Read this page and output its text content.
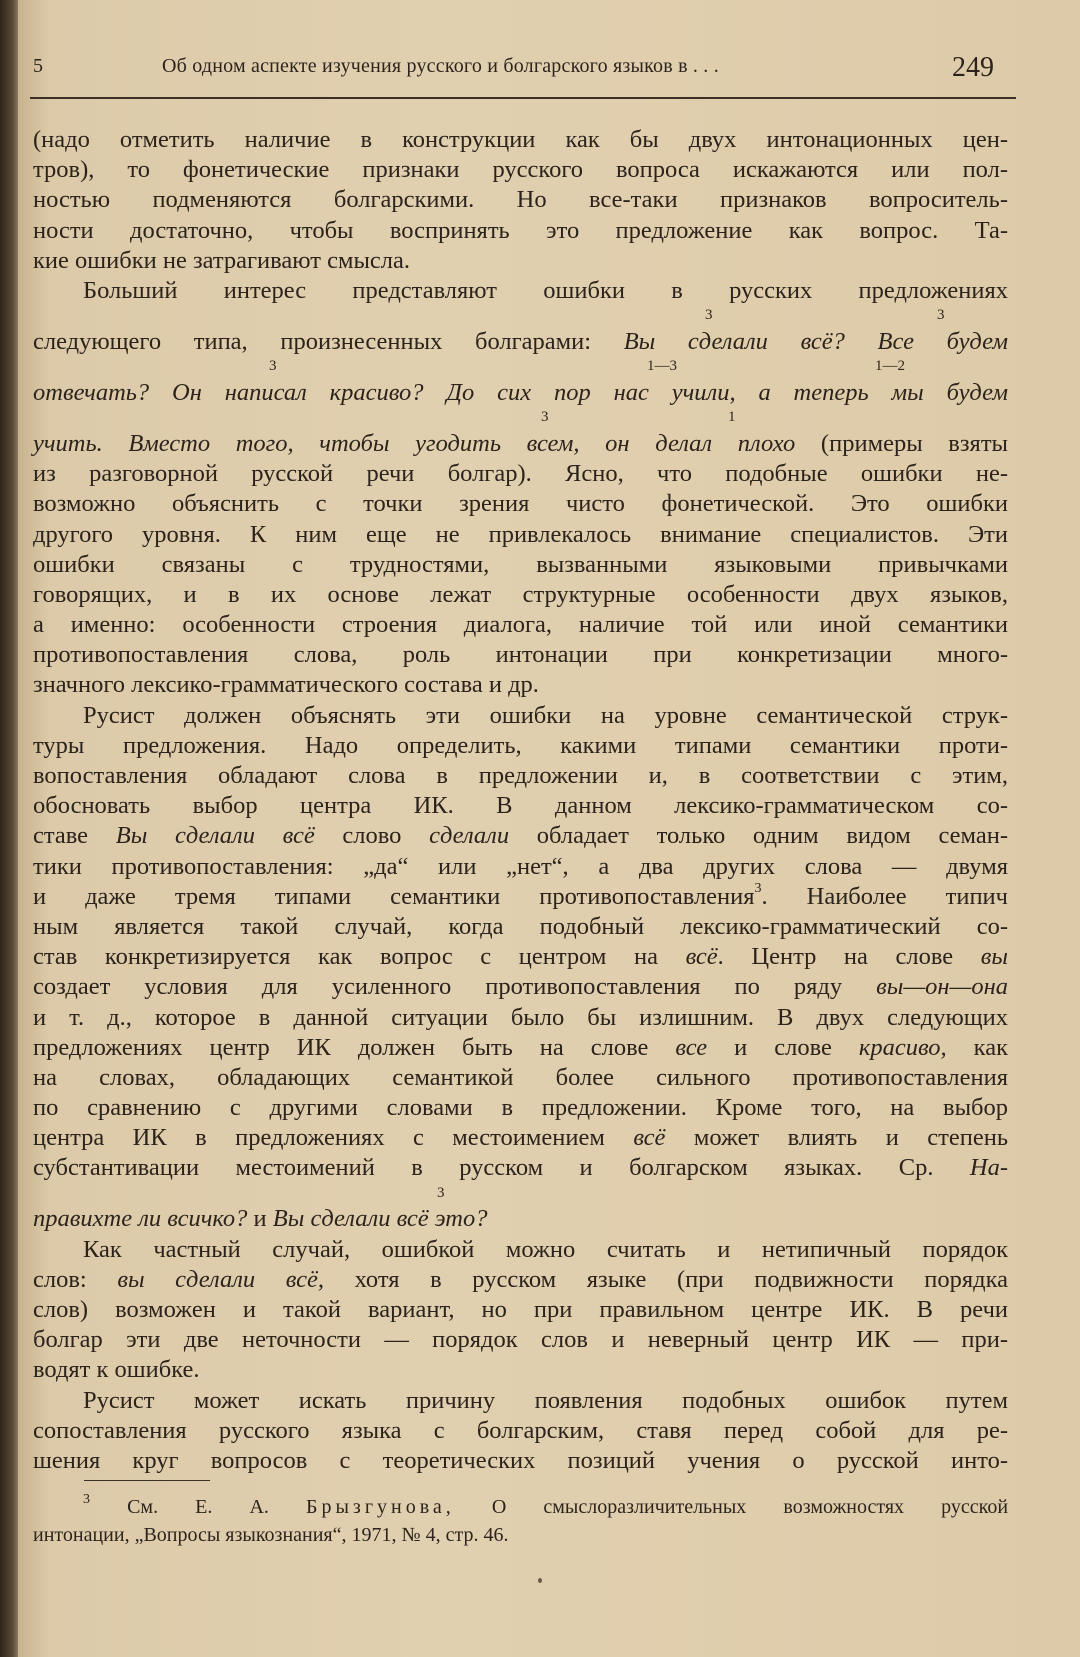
5	Об одном аспекте изучения русского и болгарского языков в . . .	249
(надо отметить наличие в конструкции как бы двух интонационных цен-
тров), то фонетические признаки русского вопроса искажаются или пол-
ностью подменяются болгарскими. Но все-таки признаков вопроситель-
ности достаточно, чтобы воспринять это предложение как вопрос. Та-
кие ошибки не затрагивают смысла.
Больший интерес представляют ошибки в русских предложениях
3	3
следующего типа, произнесенных болгарами: Вы сделали всё? Все будем
3	1—3	1—2
отвечать? Он написал красиво? До сих пор нас учили, а теперь мы будем
3	1
учить. Вместо того, чтобы угодить всем, он делал плохо (примеры взяты
из разговорной русской речи болгар). Ясно, что подобные ошибки не-
возможно объяснить с точки зрения чисто фонетической. Это ошибки
другого уровня. К ним еще не привлекалось внимание специалистов. Эти
ошибки связаны с трудностями, вызванными языковыми привычками
говорящих, и в их основе лежат структурные особенности двух языков,
а именно: особенности строения диалога, наличие той или иной семантики
противопоставления слова, роль интонации при конкретизации много-
значного лексико-грамматического состава и др.
Русист должен объяснять эти ошибки на уровне семантической струк-
туры предложения. Надо определить, какими типами семантики проти-
вопоставления обладают слова в предложении и, в соответствии с этим,
обосновать выбор центра ИК. В данном лексико-грамматическом со-
ставе Вы сделали всё слово сделали обладает только одним видом семан-
тики противопоставления: „да“ или „нет“, а два других слова — двумя
и даже тремя типами семантики противопоставления$^3$. Наиболее типич
ным является такой случай, когда подобный лексико-грамматический со-
став конкретизируется как вопрос с центром на всё. Центр на слове вы
создает условия для усиленного противопоставления по ряду вы—он—она
и т. д., которое в данной ситуации было бы излишним. В двух следующих
предложениях центр ИК должен быть на слове все и слове красиво, как
на словах, обладающих семантикой более сильного противопоставления
по сравнению с другими словами в предложении. Кроме того, на выбор
центра ИК в предложениях с местоимением всё может влиять и степень
субстантивации местоимений в русском и болгарском языках. Ср. На-
3
правихте ли всичко? и Вы сделали всё это?
Как частный случай, ошибкой можно считать и нетипичный порядок
слов: вы сделали всё, хотя в русском языке (при подвижности порядка
слов) возможен и такой вариант, но при правильном центре ИК. В речи
болгар эти две неточности — порядок слов и неверный центр ИК — при-
водят к ошибке.
Русист может искать причину появления подобных ошибок путем
сопоставления русского языка с болгарским, ставя перед собой для ре-
шения круг вопросов с теоретических позиций учения о русской инто-
$^3$ См. Е. А. Брызгунова, О смыслоразличительных возможностях русской
интонации, „Вопросы языкознания“, 1971, № 4, стр. 46.
